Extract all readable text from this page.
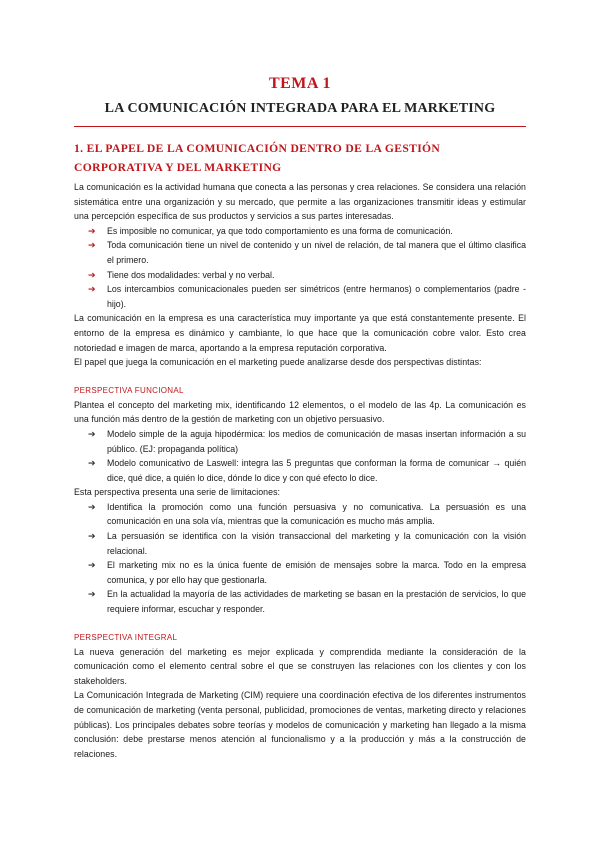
TEMA 1
LA COMUNICACIÓN INTEGRADA PARA EL MARKETING
1. EL PAPEL DE LA COMUNICACIÓN DENTRO DE LA GESTIÓN CORPORATIVA Y DEL MARKETING

La comunicación es la actividad humana que conecta a las personas y crea relaciones. Se considera una relación sistemática entre una organización y su mercado, que permite a las organizaciones transmitir ideas y estimular una percepción específica de sus productos y servicios a sus partes interesadas.

➔ Es imposible no comunicar, ya que todo comportamiento es una forma de comunicación.
➔ Toda comunicación tiene un nivel de contenido y un nivel de relación, de tal manera que el último clasifica el primero.
➔ Tiene dos modalidades: verbal y no verbal.
➔ Los intercambios comunicacionales pueden ser simétricos (entre hermanos) o complementarios (padre - hijo).

La comunicación en la empresa es una característica muy importante ya que está constantemente presente. El entorno de la empresa es dinámico y cambiante, lo que hace que la comunicación cobre valor. Esto crea notoriedad e imagen de marca, aportando a la empresa reputación corporativa.

El papel que juega la comunicación en el marketing puede analizarse desde dos perspectivas distintas:

PERSPECTIVA FUNCIONAL

Plantea el concepto del marketing mix, identificando 12 elementos, o el modelo de las 4p. La comunicación es una función más dentro de la gestión de marketing con un objetivo persuasivo.

➔ Modelo simple de la aguja hipodérmica: los medios de comunicación de masas insertan información a su público. (EJ: propaganda política)
➔ Modelo comunicativo de Laswell: integra las 5 preguntas que conforman la forma de comunicar → quién dice, qué dice, a quién lo dice, dónde lo dice y con qué efecto lo dice.

Esta perspectiva presenta una serie de limitaciones:

➔ Identifica la promoción como una función persuasiva y no comunicativa. La persuasión es una comunicación en una sola vía, mientras que la comunicación es mucho más amplia.
➔ La persuasión se identifica con la visión transaccional del marketing y la comunicación con la visión relacional.
➔ El marketing mix no es la única fuente de emisión de mensajes sobre la marca. Todo en la empresa comunica, y por ello hay que gestionarla.
➔ En la actualidad la mayoría de las actividades de marketing se basan en la prestación de servicios, lo que requiere informar, escuchar y responder.
PERSPECTIVA INTEGRAL

La nueva generación del marketing es mejor explicada y comprendida mediante la consideración de la comunicación como el elemento central sobre el que se construyen las relaciones con los clientes y con los stakeholders.

La Comunicación Integrada de Marketing (CIM) requiere una coordinación efectiva de los diferentes instrumentos de comunicación de marketing (venta personal, publicidad, promociones de ventas, marketing directo y relaciones públicas). Los principales debates sobre teorías y modelos de comunicación y marketing han llegado a la misma conclusión: debe prestarse menos atención al funcionalismo y a la producción y más a la construcción de relaciones.
